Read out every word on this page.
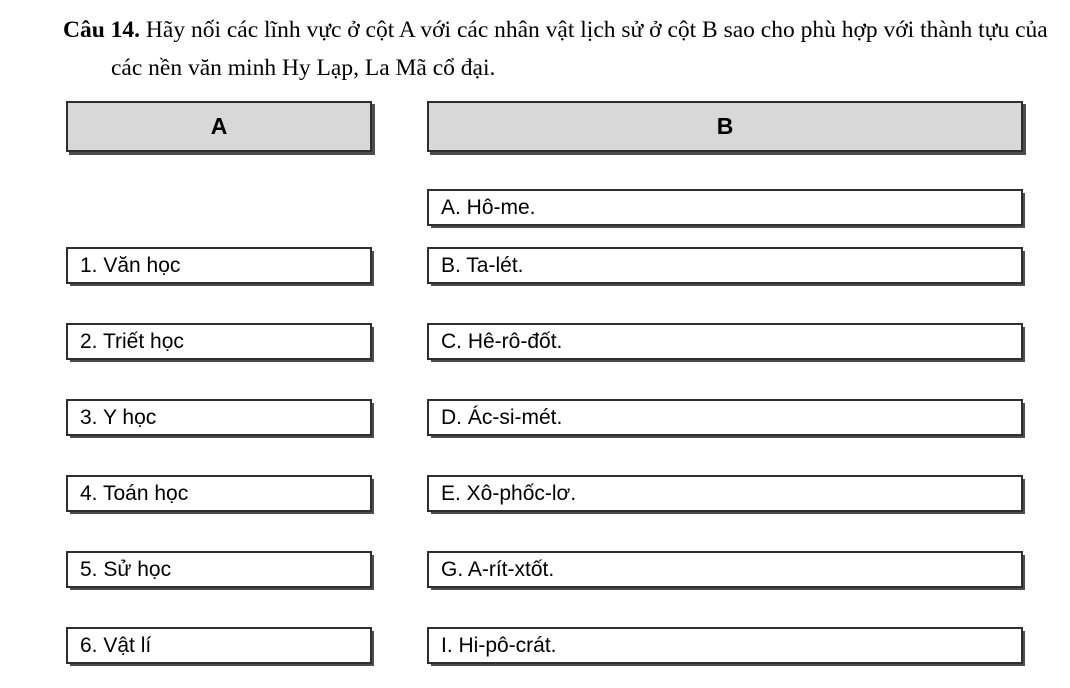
Câu 14. Hãy nối các lĩnh vực ở cột A với các nhân vật lịch sử ở cột B sao cho phù hợp với thành tựu của các nền văn minh Hy Lạp, La Mã cổ đại.

A	B
1. Văn học
2. Triết học
3. Y học
4. Toán học
5. Sử học
6. Vật lí
A. Hô-me.
B. Ta-lét.
C. Hê-rô-đốt.
D. Ác-si-mét.
E. Xô-phốc-lơ.
G. A-rít-xtốt.
I. Hi-pô-crát.
